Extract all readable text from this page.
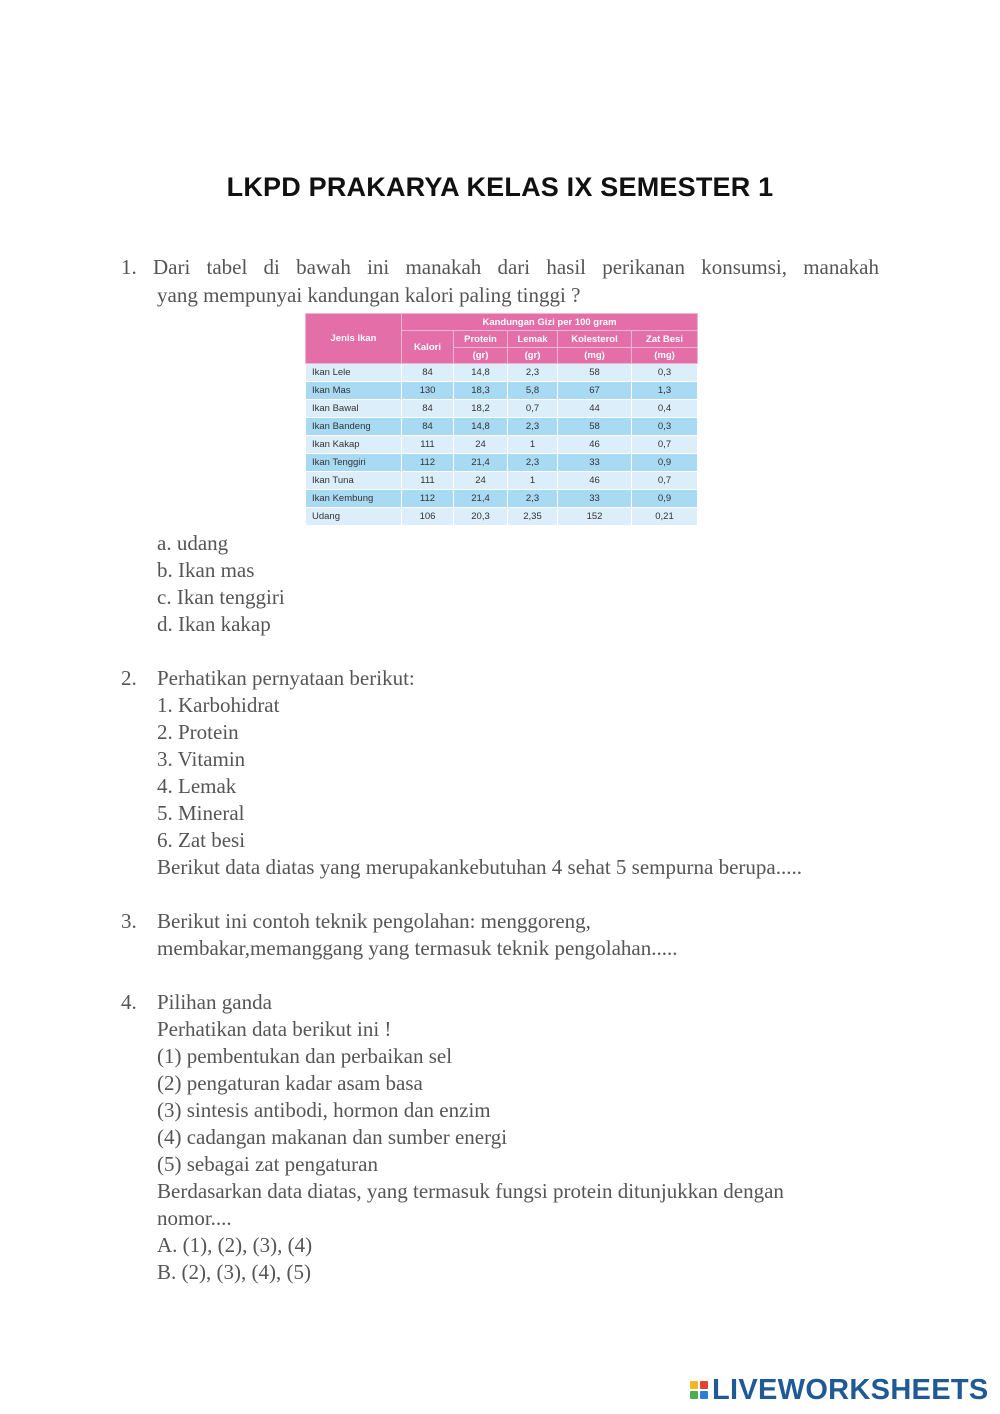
LKPD PRAKARYA KELAS IX SEMESTER 1
1. Dari tabel di bawah ini manakah dari hasil perikanan konsumsi, manakah
yang mempunyai kandungan kalori paling tinggi ?
Jenis Ikan	Kandungan Gizi per 100 gram				
	Kalori	Protein	Lemak	Kolesterol	Zat Besi
		(gr)	(gr)	(mg)	(mg)
Ikan Lele	84	14,8	2,3	58	0,3
Ikan Mas	130	18,3	5,8	67	1,3
Ikan Bawal	84	18,2	0,7	44	0,4
Ikan Bandeng	84	14,8	2,3	58	0,3
Ikan Kakap	111	24	1	46	0,7
Ikan Tenggiri	112	21,4	2,3	33	0,9
Ikan Tuna	111	24	1	46	0,7
Ikan Kembung	112	21,4	2,3	33	0,9
Udang	106	20,3	2,35	152	0,21
a. udang
b. Ikan mas
c. Ikan tenggiri
d. Ikan kakap
2. Perhatikan pernyataan berikut:
1. Karbohidrat
2. Protein
3. Vitamin
4. Lemak
5. Mineral
6. Zat besi
Berikut data diatas yang merupakankebutuhan 4 sehat 5 sempurna berupa.....
3. Berikut ini contoh teknik pengolahan: menggoreng,
membakar,memanggang yang termasuk teknik pengolahan.....
4. Pilihan ganda
Perhatikan data berikut ini !
(1) pembentukan dan perbaikan sel
(2) pengaturan kadar asam basa
(3) sintesis antibodi, hormon dan enzim
(4) cadangan makanan dan sumber energi
(5) sebagai zat pengaturan
Berdasarkan data diatas, yang termasuk fungsi protein ditunjukkan dengan
nomor....
A. (1), (2), (3), (4)
B. (2), (3), (4), (5)
LIVEWORKSHEETS
